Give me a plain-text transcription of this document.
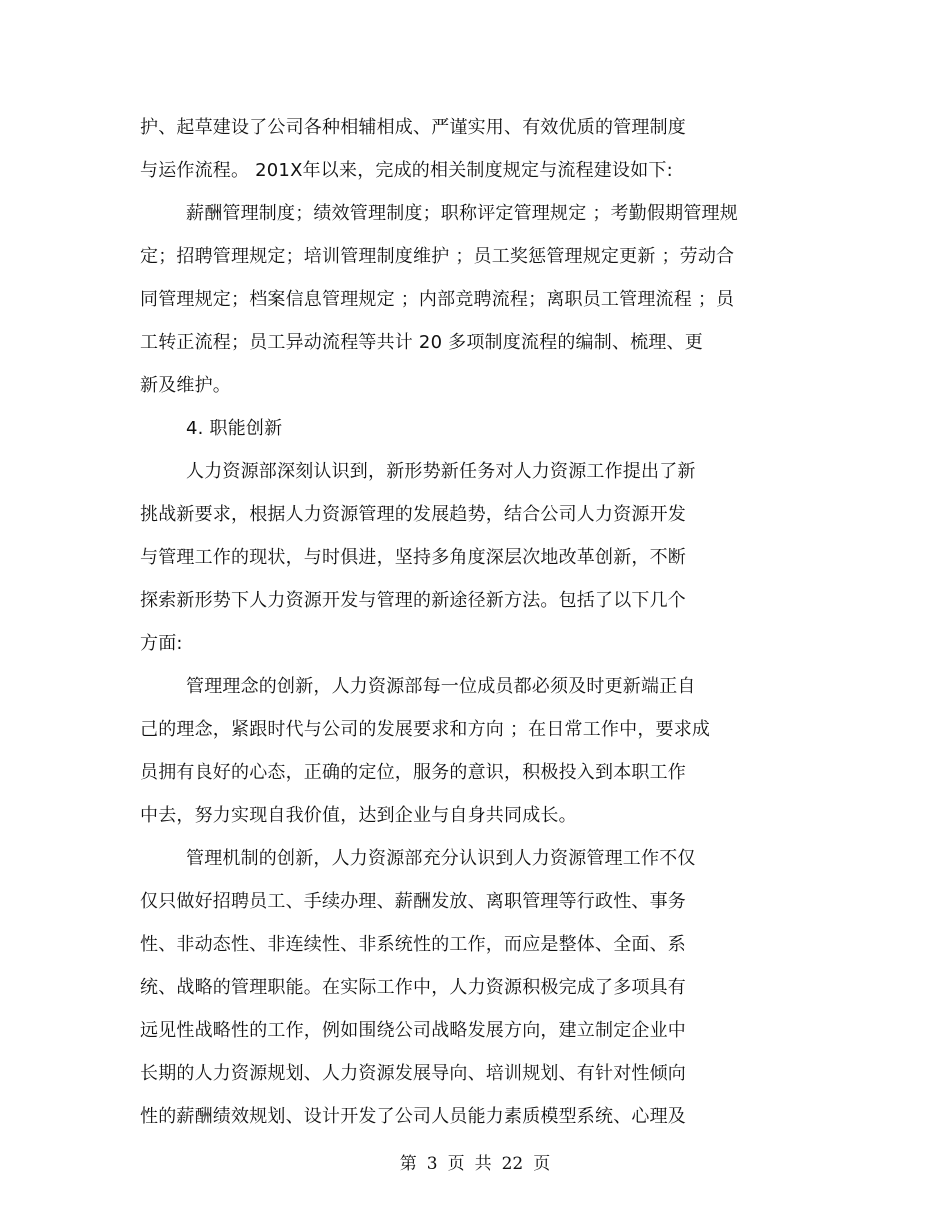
护、起草建设了公司各种相辅相成、严谨实用、有效优质的管理制度
与运作流程。 201X年以来，完成的相关制度规定与流程建设如下:
薪酬管理制度；绩效管理制度；职称评定管理规定 ；考勤假期管理规
定；招聘管理规定；培训管理制度维护 ；员工奖惩管理规定更新 ；劳动合
同管理规定；档案信息管理规定 ；内部竞聘流程；离职员工管理流程 ；员
工转正流程；员工异动流程等共计 20 多项制度流程的编制、梳理、更
新及维护。
4. 职能创新
人力资源部深刻认识到，新形势新任务对人力资源工作提出了新
挑战新要求，根据人力资源管理的发展趋势，结合公司人力资源开发
与管理工作的现状，与时俱进，坚持多角度深层次地改革创新，不断
探索新形势下人力资源开发与管理的新途径新方法。包括了以下几个
方面:
管理理念的创新，人力资源部每一位成员都必须及时更新端正自
己的理念，紧跟时代与公司的发展要求和方向 ；在日常工作中，要求成
员拥有良好的心态，正确的定位，服务的意识，积极投入到本职工作
中去，努力实现自我价值，达到企业与自身共同成长。
管理机制的创新，人力资源部充分认识到人力资源管理工作不仅
仅只做好招聘员工、手续办理、薪酬发放、离职管理等行政性、事务
性、非动态性、非连续性、非系统性的工作，而应是整体、全面、系
统、战略的管理职能。在实际工作中，人力资源积极完成了多项具有
远见性战略性的工作，例如围绕公司战略发展方向，建立制定企业中
长期的人力资源规划、人力资源发展导向、培训规划、有针对性倾向
性的薪酬绩效规划、设计开发了公司人员能力素质模型系统、心理及
第 3 页 共 22 页
